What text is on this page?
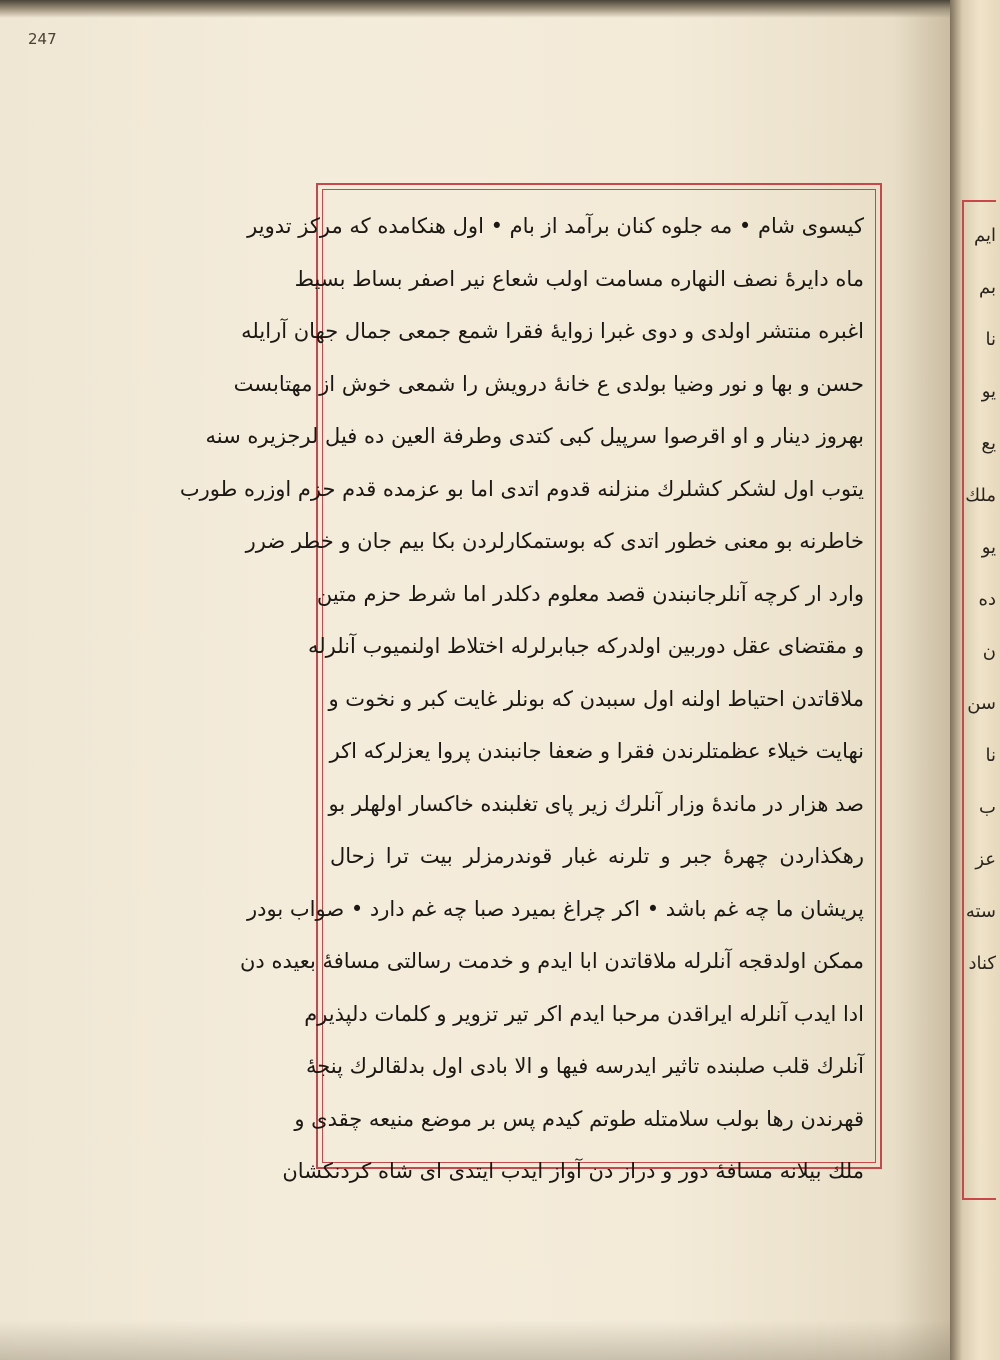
247
کیسوی شام • مه جلوه کنان برآمد از بام • اول هنکامده که مرکز تدویر
ماه دایرهٔ نصف النهاره مسامت اولب شعاع نیر اصفر بساط بسیط
اغبره منتشر اولدی و دوی غبرا زوایهٔ فقرا شمع جمعی جمال جهان آرایله
حسن و بها و نور وضیا بولدی ع خانهٔ درویش را شمعی خوش از مهتابست
بهروز دینار و او اقرصوا سرپیل کبی کتدی وطرفة العین ده فیل لرجزیره سنه
یتوب اول لشکر کشلرك منزلنه قدوم اتدی اما بو عزمده قدم حزم اوزره طورب
خاطرنه بو معنی خطور اتدی که بوستمکارلردن بکا بیم جان و خطر ضرر
وارد ار کرچه آنلرجانبندن قصد معلوم دکلدر اما شرط حزم متین
و مقتضای عقل دوربین اولدرکه جبابرلرله اختلاط اولنمیوب آنلرله
ملاقاتدن احتیاط اولنه اول سببدن که بونلر غایت کبر و نخوت و
نهایت خیلاء عظمتلرندن فقرا و ضعفا جانبندن پروا یعزلرکه اکر
صد هزار در ماندهٔ وزار آنلرك زیر پای تغلبنده خاکسار اولهلر بو
رهکذاردن چهرهٔ جبر و تلرنه غبار قوندرمزلر بیت ترا زحال
پریشان ما چه غم باشد • اکر چراغ بمیرد صبا چه غم دارد • صواب بودر
ممکن اولدقجه آنلرله ملاقاتدن ابا ایدم و خدمت رسالتی مسافهٔ بعیده دن
ادا ایدب آنلرله ایراقدن مرحبا ایدم اکر تیر تزویر و کلمات دلپذیرم
آنلرك قلب صلبنده تاثیر ایدرسه فیها و الا بادی اول بدلقالرك پنجهٔ
قهرندن رها بولب سلامتله طوتم کیدم پس بر موضع منیعه چقدی و
ملك بیلانه مسافهٔ دور و دراز دن آواز ایدب ایتدی ای شاه کردنکشان
ایم
بم
نا
یو
یع
ملك
یو
ده
ن
سن
نا
ب
عز
سته
کناد
